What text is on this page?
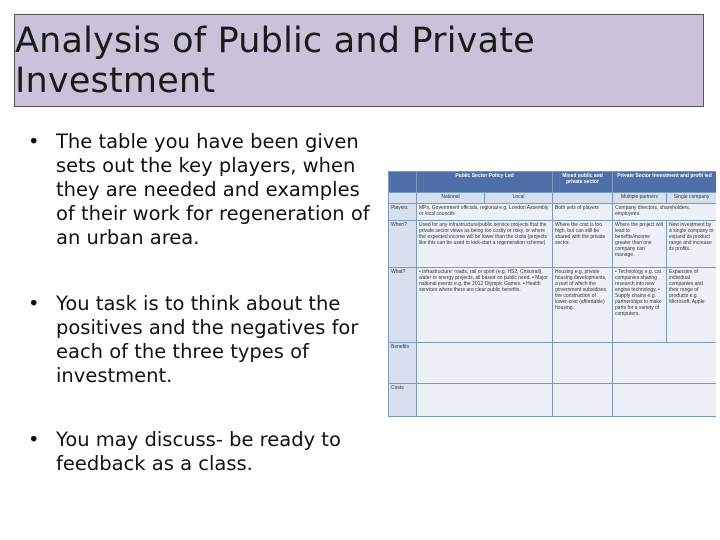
Analysis of Public and Private Investment
• The table you have been given sets out the key players, when they are needed and examples of their work for regeneration of an urban area.
• You task is to think about the positives and the negatives for each of the three types of investment.
• You may discuss- be ready to feedback as a class.
	Public Sector Policy Led		Mixed public and private sector	Private Sector Investment and profit led	
	National	Local		Multiple partners	Single company
Players	MPs, Government officials, regional e.g. London Assembly or local councils		Both sets of players	Company directors, shareholders, employees	
When?	Used for any infrastructure/public service projects that the private sector views as being too costly or risky, or where the expected income will be lower than the costs (projects like this can be used to kick-start a regeneration scheme)		Where the cost is too high, but can still be shared with the private sector.	Where the project will lead to benefits/income greater than one company can manage.	New investment by a single company to expand its product range and increase its profits.
What?	• Infrastructure: roads, rail or sport (e.g. HS2, Crossrail), water or energy projects, all based on public need. • Major national events e.g. the 2012 Olympic Games. • Health services where there are clear public benefits.		Housing e.g. private housing developments, a part of which the government subsidises the construction of lower-cost (affordable) housing.	• Technology e.g. car companies sharing research into new engine technology. • Supply chains e.g. partnerships to make parts for a variety of computers.	Expansion of individual companies and their range of products e.g. Microsoft, Apple
Benefits					
Costs					
